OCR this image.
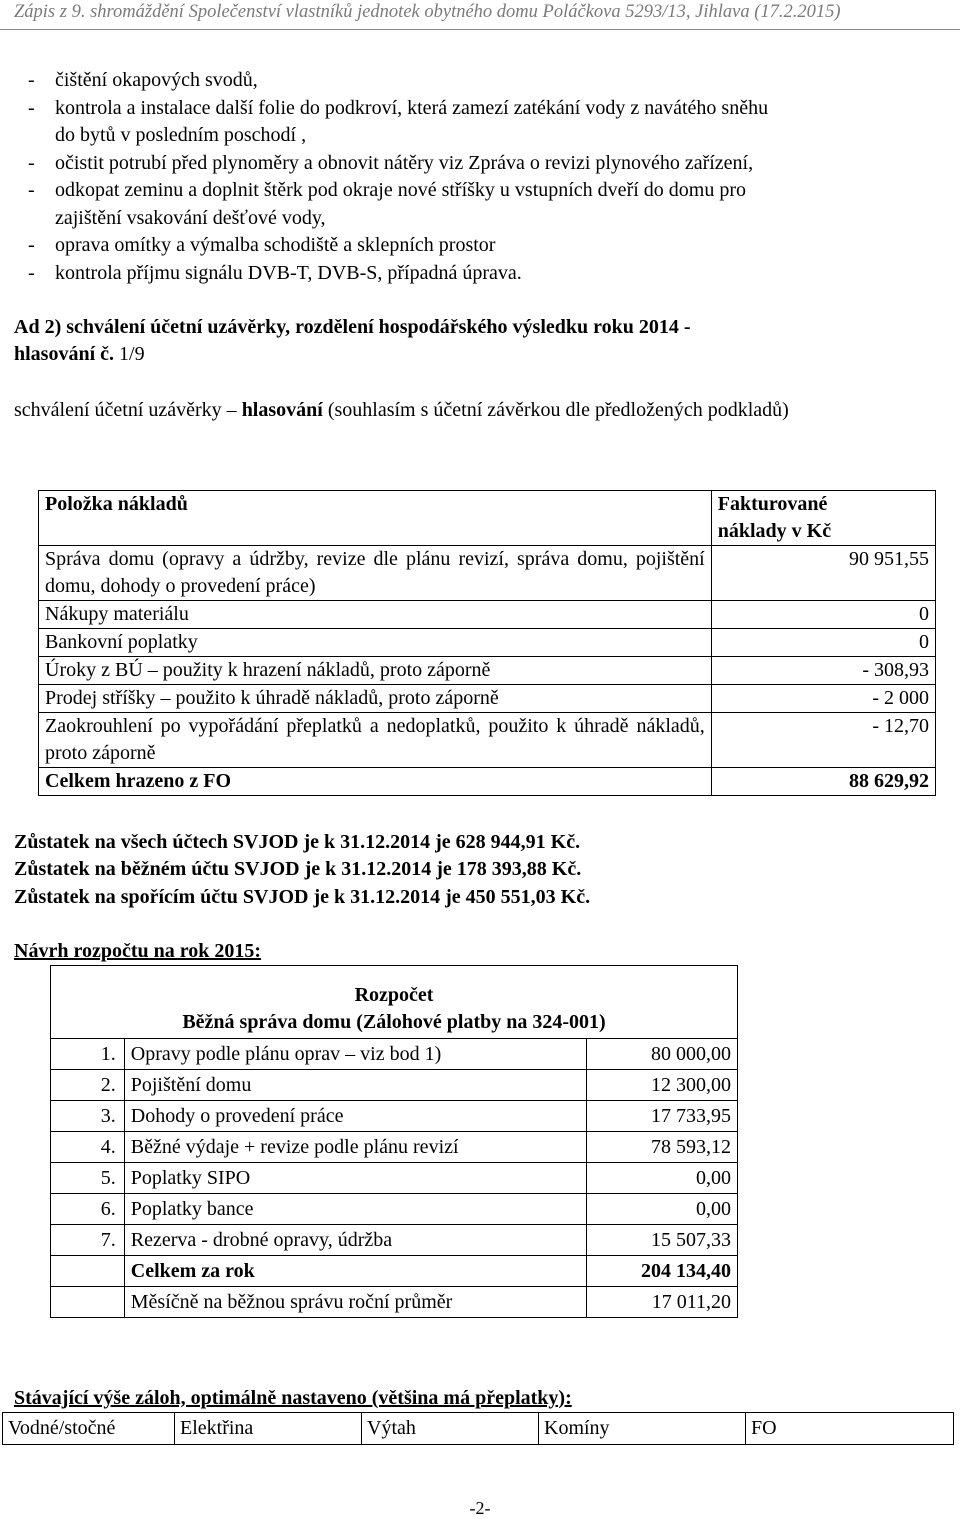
Zápis z 9. shromáždění Společenství vlastníků jednotek obytného domu Poláčkova 5293/13, Jihlava (17.2.2015)
- čištění okapových svodů,
- kontrola a instalace další folie do podkroví, která zamezí zatékání vody z navátého sněhu
do bytů v posledním poschodí ,
- očistit potrubí před plynoměry a obnovit nátěry viz Zpráva o revizi plynového zařízení,
- odkopat zeminu a doplnit štěrk pod okraje nové stříšky u vstupních dveří do domu pro
zajištění vsakování dešťové vody,
- oprava omítky a výmalba schodiště a sklepních prostor
- kontrola příjmu signálu DVB-T, DVB-S, případná úprava.
Ad 2) schválení účetní uzávěrky, rozdělení hospodářského výsledku roku 2014 -
hlasování č. 1/9
schválení účetní uzávěrky – hlasování (souhlasím s účetní závěrkou dle předložených podkladů)
Položka nákladů	Fakturované
náklady v Kč
Správa domu (opravy a údržby, revize dle plánu revizí, správa domu, pojištění domu, dohody o provedení práce)	90 951,55
Nákupy materiálu	0
Bankovní poplatky	0
Úroky z BÚ – použity k hrazení nákladů, proto záporně	- 308,93
Prodej stříšky – použito k úhradě nákladů, proto záporně	- 2 000
Zaokrouhlení po vypořádání přeplatků a nedoplatků, použito k úhradě nákladů, proto záporně	- 12,70
Celkem hrazeno z FO	88 629,92
Zůstatek na všech účtech SVJOD je k 31.12.2014 je 628 944,91 Kč.
Zůstatek na běžném účtu SVJOD je k 31.12.2014 je 178 393,88 Kč.
Zůstatek na spořícím účtu SVJOD je k 31.12.2014 je 450 551,03 Kč.
Návrh rozpočtu na rok 2015:
Rozpočet
Běžná správa domu (Zálohové platby na 324-001)		
1.	Opravy podle plánu oprav – viz bod 1)	80 000,00
2.	Pojištění domu	12 300,00
3.	Dohody o provedení práce	17 733,95
4.	Běžné výdaje + revize podle plánu revizí	78 593,12
5.	Poplatky SIPO	0,00
6.	Poplatky bance	0,00
7.	Rezerva - drobné opravy, údržba	15 507,33
	Celkem za rok	204 134,40
	Měsíčně na běžnou správu roční průměr	17 011,20
Stávající výše záloh, optimálně nastaveno (většina má přeplatky):
Vodné/stočné	Elektřina	Výtah	Komíny	FO
-2-
